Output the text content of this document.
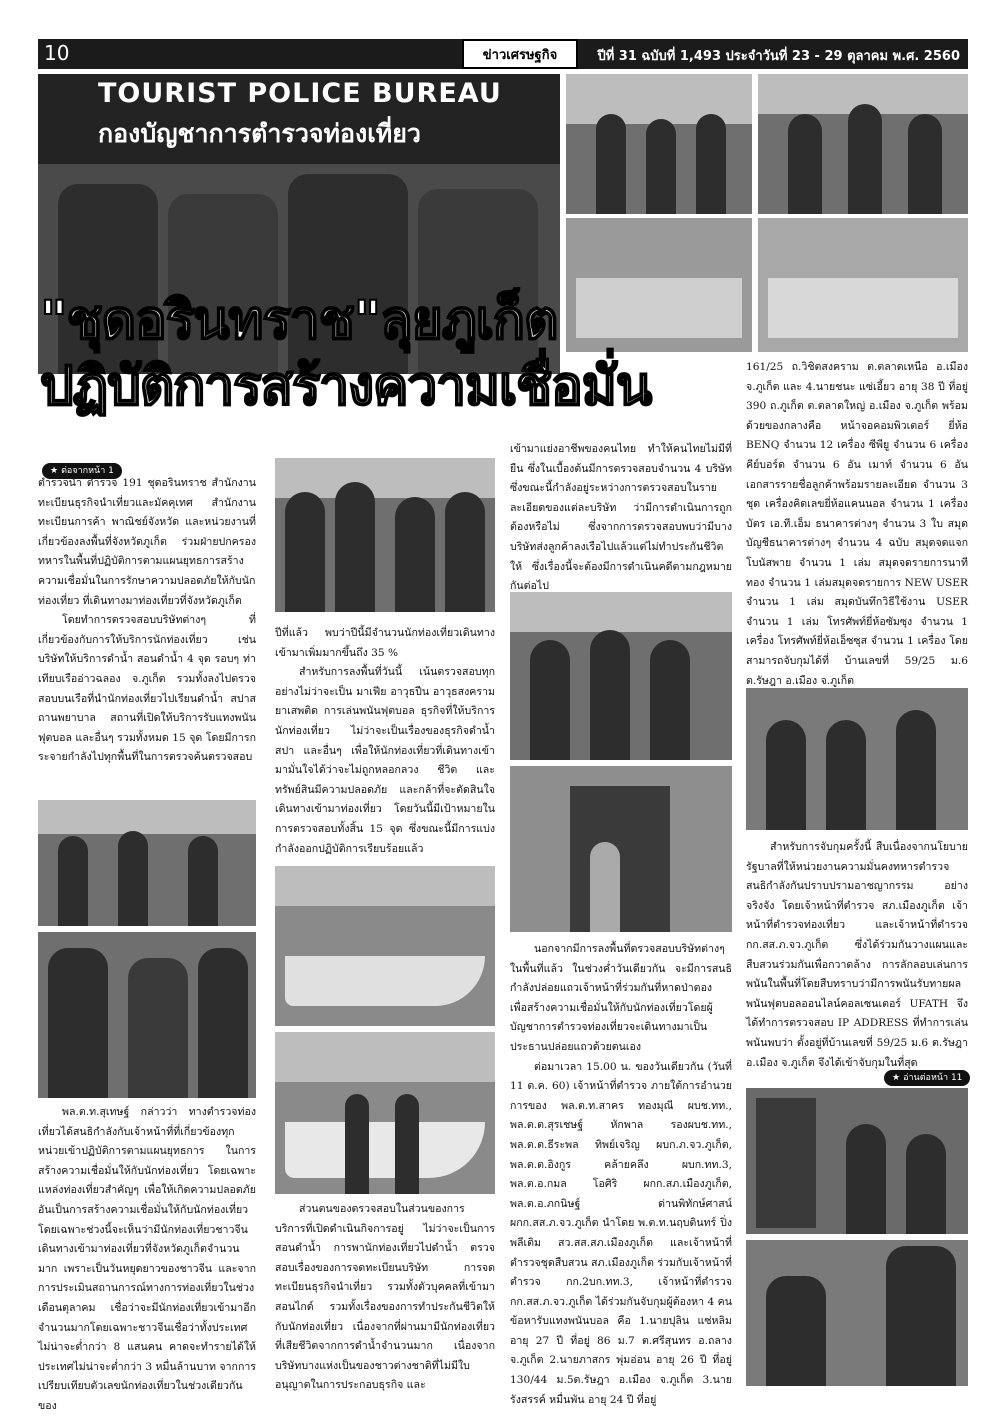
10	ข่าวเศรษฐกิจ	ปีที่ 31 ฉบับที่ 1,493 ประจำวันที่ 23 - 29 ตุลาคม พ.ศ. 2560
TOURIST POLICE BUREAU
กองบัญชาการตำรวจท่องเที่ยว
"ชุดอรินทราช"ลุยภูเก็ต
ปฏิบัติการสร้างความเชื่อมั่น
★ ต่อจากหน้า 1

ตำรวจน้ำ ตำรวจ 191 ชุดอรินทราช สำนักงานทะเบียนธุรกิจนำเที่ยวและมัคคุเทศ สำนักงานทะเบียนการค้า พาณิชย์จังหวัด และหน่วยงานที่เกี่ยวข้องลงพื้นที่จังหวัดภูเก็ต ร่วมฝ่ายปกครอง ทหารในพื้นที่ปฏิบัติการตามแผนยุทธการสร้างความเชื่อมั่นในการรักษาความปลอดภัยให้กับนักท่องเที่ยว ที่เดินทางมาท่องเที่ยวที่จังหวัดภูเก็ต

โดยทำการตรวจสอบบริษัทต่างๆ ที่เกี่ยวข้องกับการให้บริการนักท่องเที่ยว เช่น บริษัทให้บริการดำน้ำ สอนดำน้ำ 4 จุด รอบๆ ท่าเทียบเรืออ่าวฉลอง จ.ภูเก็ต รวมทั้งลงไปตรวจสอบบนเรือที่นำนักท่องเที่ยวไปเรียนดำน้ำ สปาสถานพยาบาล สถานที่เปิดให้บริการรับแทงพนันฟุตบอล และอื่นๆ รวมทั้งหมด 15 จุด โดยมีการกระจายกำลังไปทุกพื้นที่ในการตรวจค้นตรวจสอบ

พล.ต.ท.สุเทษฐ์ กล่าวว่า ทางตำรวจท่องเที่ยวได้สนธิกำลังกับเจ้าหน้าที่ที่เกี่ยวข้องทุกหน่วยเข้าปฏิบัติการตามแผนยุทธการ ในการสร้างความเชื่อมั่นให้กับนักท่องเที่ยว โดยเฉพาะแหล่งท่องเที่ยวสำคัญๆ เพื่อให้เกิดความปลอดภัยอันเป็นการสร้างความเชื่อมั่นให้กับนักท่องเที่ยว โดยเฉพาะช่วงนี้จะเห็นว่ามีนักท่องเที่ยวชาวจีนเดินทางเข้ามาท่องเที่ยวที่จังหวัดภูเก็ตจำนวนมาก เพราะเป็นวันหยุดยาวของชาวจีน และจากการประเมินสถานการณ์ทางการท่องเที่ยวในช่วงเดือนตุลาคม เชื่อว่าจะมีนักท่องเที่ยวเข้ามาอีกจำนวนมากโดยเฉพาะชาวจีนเชื่อว่าทั้งประเทศไม่น่าจะต่ำกว่า 8 แสนคน คาดจะทำรายได้ให้ประเทศไม่น่าจะต่ำกว่า 3 หมื่นล้านบาท จากการเปรียบเทียบตัวเลขนักท่องเที่ยวในช่วงเดียวกันของ

ปีที่แล้ว พบว่าปีนี้มีจำนวนนักท่องเที่ยวเดินทางเข้ามาเพิ่มมากขึ้นถึง 35 %

สำหรับการลงพื้นที่วันนี้ เน้นตรวจสอบทุกอย่างไม่ว่าจะเป็น มาเฟีย อาวุธปืน อาวุธสงคราม ยาเสพติด การเล่นพนันฟุตบอล ธุรกิจที่ให้บริการนักท่องเที่ยว ไม่ว่าจะเป็นเรื่องของธุรกิจดำน้ำ สปา และอื่นๆ เพื่อให้นักท่องเที่ยวที่เดินทางเข้ามามั่นใจได้ว่าจะไม่ถูกหลอกลวง ชีวิต และทรัพย์สินมีความปลอดภัย และกล้าที่จะตัดสินใจเดินทางเข้ามาท่องเที่ยว โดยวันนี้มีเป้าหมายในการตรวจสอบทั้งสิ้น 15 จุด ซึ่งขณะนี้มีการแบ่งกำลังออกปฏิบัติการเรียบร้อยแล้ว

ส่วนตนของตรวจสอบในส่วนของการบริการที่เปิดดำเนินกิจการอยู่ ไม่ว่าจะเป็นการสอนดำน้ำ การพานักท่องเที่ยวไปดำน้ำ ตรวจสอบเรื่องของการจดทะเบียนบริษัท การจดทะเบียนธุรกิจนำเที่ยว รวมทั้งตัวบุคคลที่เข้ามาสอนไกด์ รวมทั้งเรื่องของการทำประกันชีวิตให้กับนักท่องเที่ยว เนื่องจากที่ผ่านมามีนักท่องเที่ยวที่เสียชีวิตจากการดำน้ำจำนวนมาก เนื่องจากบริษัทบางแห่งเป็นของชาวต่างชาติที่ไม่มีใบอนุญาตในการประกอบธุรกิจ และ

เข้ามาแย่งอาชีพของคนไทย ทำให้คนไทยไม่มีที่ยืน ซึ่งในเบื้องต้นมีการตรวจสอบจำนวน 4 บริษัท ซึ่งขณะนี้กำลังอยู่ระหว่างการตรวจสอบในรายละเอียดของแต่ละบริษัท ว่ามีการดำเนินการถูกต้องหรือไม่ ซึ่งจากการตรวจสอบพบว่ามีบางบริษัทส่งลูกค้าลงเรือไปแล้วแต่ไม่ทำประกันชีวิตให้ ซึ่งเรื่องนี้จะต้องมีการดำเนินคดีตามกฎหมายกันต่อไป

นอกจากมีการลงพื้นที่ตรวจสอบบริษัทต่างๆ ในพื้นที่แล้ว ในช่วงค่ำวันเดียวกัน จะมีการสนธิกำลังปล่อยแถวเจ้าหน้าที่ร่วมกันที่หาดป่าตอง เพื่อสร้างความเชื่อมั่นให้กับนักท่องเที่ยวโดยผู้บัญชาการตำรวจท่องเที่ยวจะเดินทางมาเป็นประธานปล่อยแถวด้วยตนเอง

ต่อมาเวลา 15.00 น. ของวันเดียวกัน (วันที่ 11 ต.ค. 60) เจ้าหน้าที่ตำรวจ ภายใต้การอำนวยการของ พล.ต.ท.สาคร ทองมุณี ผบช.ทท., พล.ต.ต.สุรเชษฐ์ หักพาล รองผบช.ทท., พล.ต.ต.ธีระพล ทิพย์เจริญ ผบก.ภ.จว.ภูเก็ต, พล.ต.ต.อิงกูร คล้ายคลึง ผบก.ทท.3, พล.ต.อ.กมล โอศิริ ผกก.สภ.เมืองภูเก็ต, พล.ต.อ.ภกนิษฐ์ ด่านพิทักษ์ศาสน์ ผกก.สส.ภ.จว.ภูเก็ต นำโดย พ.ต.ท.นฤบดินทร์ ปิ่งพลีเติม สว.สส.สภ.เมืองภูเก็ต และเจ้าหน้าที่ตำรวจชุดสืบสวน สภ.เมืองภูเก็ต ร่วมกับเจ้าหน้าที่ตำรวจ กก.2บก.ทท.3, เจ้าหน้าที่ตำรวจ กก.สส.ภ.จว.ภูเก็ต ได้ร่วมกันจับกุมผู้ต้องหา 4 คน ข้อหารับแทงพนันบอล คือ 1.นายปุลิน แซ่หลิม อายุ 27 ปี ที่อยู่ 86 ม.7 ต.ศรีสุนทร อ.ถลาง จ.ภูเก็ต 2.นายภาสกร พุ่มอ่อน อายุ 26 ปี ที่อยู่ 130/44 ม.5ต.รัษฎา อ.เมือง จ.ภูเก็ต 3.นายรังสรรค์ หมื่นพัน อายุ 24 ปี ที่อยู่

161/25 ถ.วิชิตสงคราม ต.ตลาดเหนือ อ.เมือง จ.ภูเก็ต และ 4.นายชนะ แซ่เอี้ยว อายุ 38 ปี ที่อยู่ 390 ถ.ภูเก็ต ต.ตลาดใหญ่ อ.เมือง จ.ภูเก็ต พร้อมด้วยของกลางคือ หน้าจอคอมพิวเตอร์ ยี่ห้อ BENQ จำนวน 12 เครื่อง ซีพียู จำนวน 6 เครื่องคีย์บอร์ด จำนวน 6 อัน เมาท์ จำนวน 6 อัน เอกสารรายชื่อลูกค้าพร้อมรายละเอียด จำนวน 3 ชุด เครื่องคิดเลขยี่ห้อแคนนอล จำนวน 1 เครื่อง บัตร เอ.ที.เอ็ม ธนาคารต่างๆ จำนวน 3 ใบ สมุดบัญชีธนาคารต่างๆ จำนวน 4 ฉบับ สมุดจดแจกโบนัสพาย จำนวน 1 เล่ม สมุดจดรายการนาทีทอง จำนวน 1 เล่มสมุดจดรายการ NEW USER จำนวน 1 เล่ม สมุดบันทึกวิธีใช้งาน USER จำนวน 1 เล่ม โทรศัพท์ยี่ห้อซัมซุง จำนวน 1 เครื่อง โทรศัพท์ยี่ห้อเอ็ซซุส จำนวน 1 เครื่อง โดยสามารถจับกุมได้ที่ บ้านเลขที่ 59/25 ม.6 ต.รัษฎา อ.เมือง จ.ภูเก็ต

สำหรับการจับกุมครั้งนี้ สืบเนื่องจากนโยบายรัฐบาลที่ให้หน่วยงานความมั่นคงทหารตำรวจสนธิกำลังกันปราบปรามอาชญากรรม อย่างจริงจัง โดยเจ้าหน้าที่ตำรวจ สภ.เมืองภูเก็ต เจ้าหน้าที่ตำรวจท่องเที่ยว และเจ้าหน้าที่ตำรวจ กก.สส.ภ.จว.ภูเก็ต ซึ่งได้ร่วมกันวางแผนและสืบสวนร่วมกันเพื่อกวาดล้าง การลักลอบเล่นการพนันในพื้นที่โดยสืบทราบว่ามีการพนันรับทายผลพนันฟุตบอลออนไลน์คอลเซนเตอร์ UFATH จึงได้ทำการตรวจสอบ IP ADDRESS ที่ทำการเล่นพนันพบว่า ตั้งอยู่ที่บ้านเลขที่ 59/25 ม.6 ต.รัษฎา อ.เมือง จ.ภูเก็ต จึงได้เข้าจับกุมในที่สุด

★ อ่านต่อหน้า 11
